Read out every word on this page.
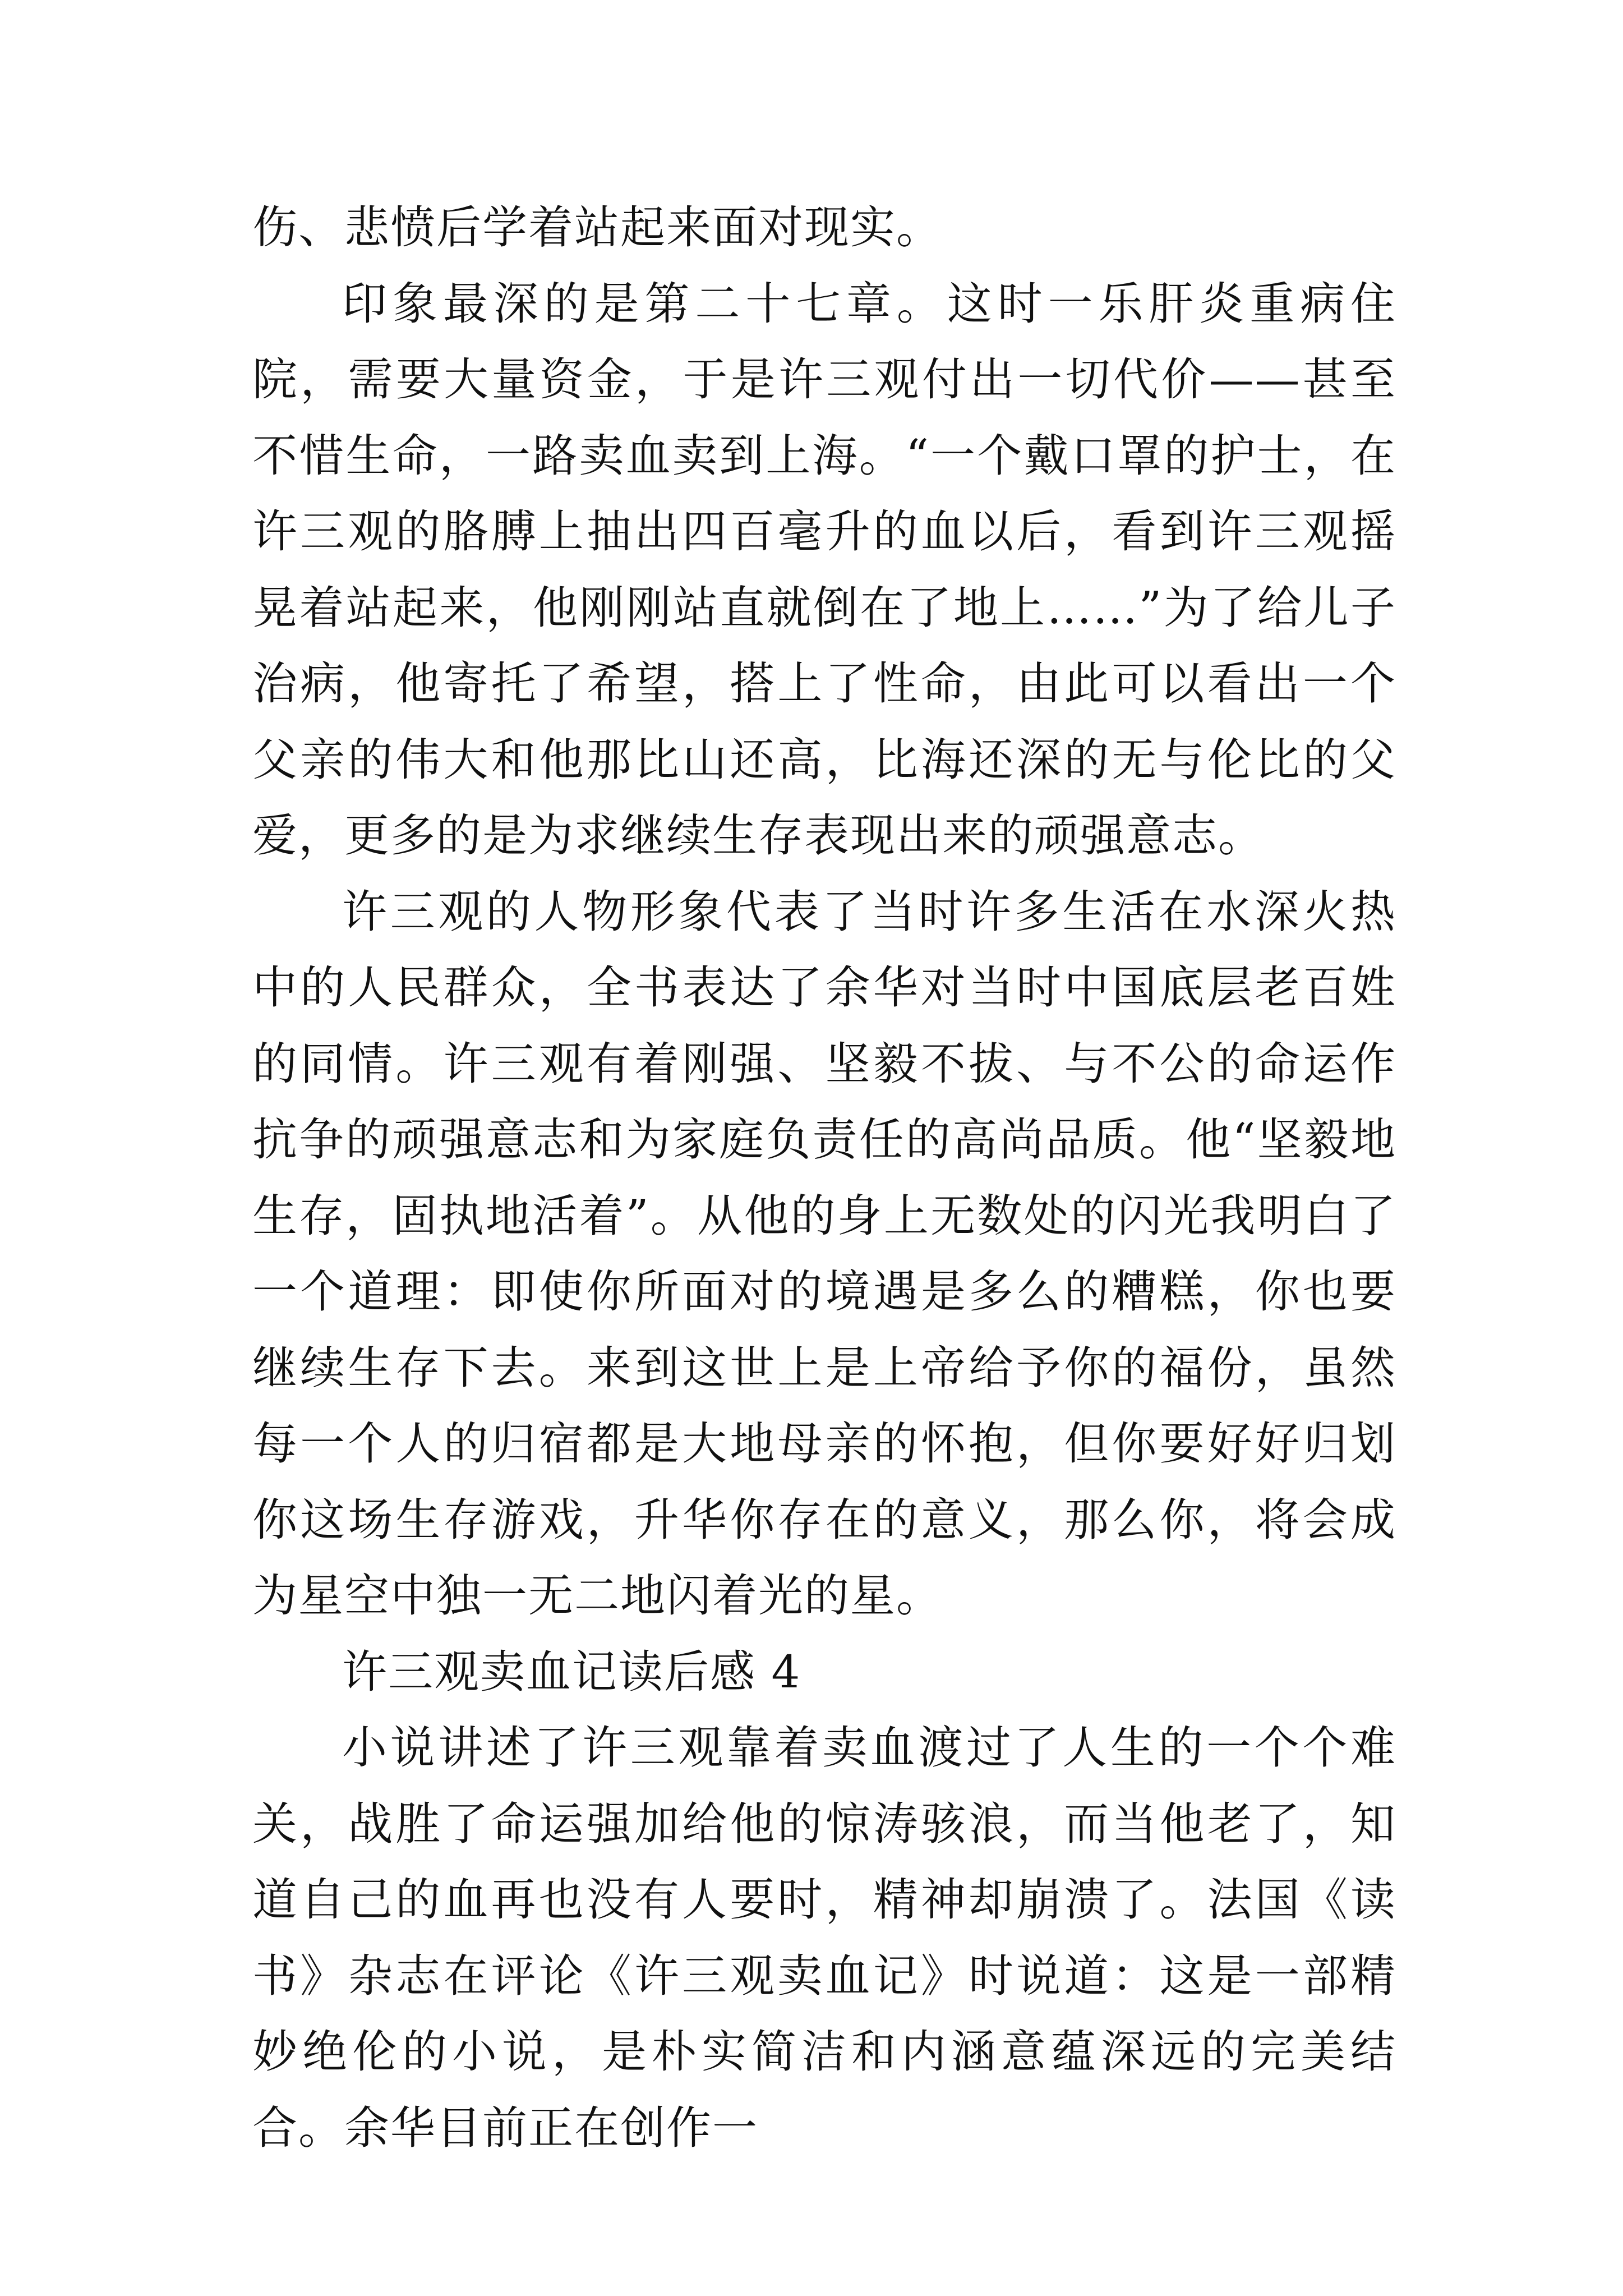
伤、悲愤后学着站起来面对现实。

印象最深的是第二十七章。这时一乐肝炎重病住院，需要大量资金，于是许三观付出一切代价——甚至不惜生命，一路卖血卖到上海。“一个戴口罩的护士，在许三观的胳膊上抽出四百毫升的血以后，看到许三观摇晃着站起来，他刚刚站直就倒在了地上……”为了给儿子治病，他寄托了希望，搭上了性命，由此可以看出一个父亲的伟大和他那比山还高，比海还深的无与伦比的父爱，更多的是为求继续生存表现出来的顽强意志。

许三观的人物形象代表了当时许多生活在水深火热中的人民群众，全书表达了余华对当时中国底层老百姓的同情。许三观有着刚强、坚毅不拔、与不公的命运作抗争的顽强意志和为家庭负责任的高尚品质。他“坚毅地生存，固执地活着”。从他的身上无数处的闪光我明白了一个道理：即使你所面对的境遇是多么的糟糕，你也要继续生存下去。来到这世上是上帝给予你的福份，虽然每一个人的归宿都是大地母亲的怀抱，但你要好好归划你这场生存游戏，升华你存在的意义，那么你，将会成为星空中独一无二地闪着光的星。

许三观卖血记读后感 4

小说讲述了许三观靠着卖血渡过了人生的一个个难关，战胜了命运强加给他的惊涛骇浪，而当他老了，知道自己的血再也没有人要时，精神却崩溃了。法国《读书》杂志在评论《许三观卖血记》时说道：这是一部精妙绝伦的小说，是朴实简洁和内涵意蕴深远的完美结合。余华目前正在创作一
